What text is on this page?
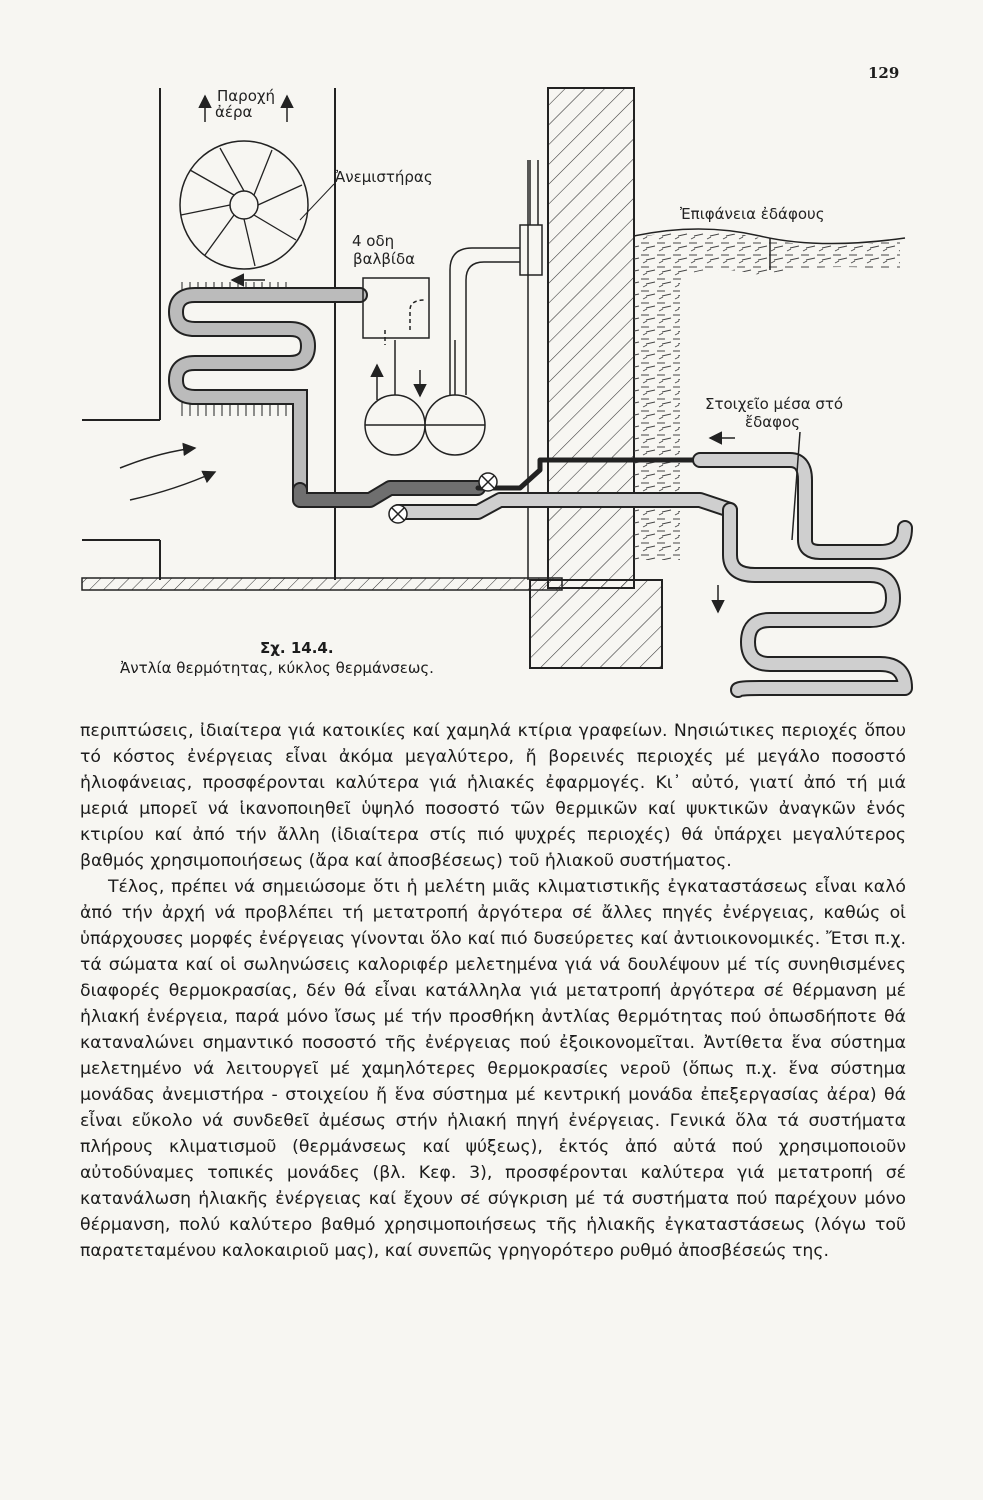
129
Παροχή
ἀέρα
Ἀνεμιστήρας
4 οδη
βαλβίδα
Ἐπιφάνεια ἐδάφους
Στοιχεῖο μέσα στό
ἔδαφος
Σχ. 14.4.
Ἀντλία θερμότητας, κύκλος θερμάνσεως.

περιπτώσεις, ἰδιαίτερα γιά κατοικίες καί χαμηλά κτίρια γραφείων. Νησιώτικες περιοχές ὅπου τό κόστος ἐνέργειας εἶναι ἀκόμα μεγαλύτερο, ἤ βορεινές περιοχές μέ μεγάλο ποσοστό ἡλιοφάνειας, προσφέρονται καλύτερα γιά ἡλιακές ἐφαρμογές. Κι᾽ αὐτό, γιατί ἀπό τή μιά μεριά μπορεῖ νά ἱκανοποιηθεῖ ὑψηλό ποσοστό τῶν θερμικῶν καί ψυκτικῶν ἀναγκῶν ἑνός κτιρίου καί ἀπό τήν ἄλλη (ἰδιαίτερα στίς πιό ψυχρές περιοχές) θά ὑπάρχει μεγαλύτερος βαθμός χρησιμοποιήσεως (ἄρα καί ἀποσβέσεως) τοῦ ἡλιακοῦ συστήματος.

Τέλος, πρέπει νά σημειώσομε ὅτι ἡ μελέτη μιᾶς κλιματιστικῆς ἐγκαταστάσεως εἶναι καλό ἀπό τήν ἀρχή νά προβλέπει τή μετατροπή ἀργότερα σέ ἄλλες πηγές ἐνέργειας, καθώς οἱ ὑπάρχουσες μορφές ἐνέργειας γίνονται ὅλο καί πιό δυσεύρετες καί ἀντιοικονομικές. Ἔτσι π.χ. τά σώματα καί οἱ σωληνώσεις καλοριφέρ μελετημένα γιά νά δουλέψουν μέ τίς συνηθισμένες διαφορές θερμοκρασίας, δέν θά εἶναι κατάλληλα γιά μετατροπή ἀργότερα σέ θέρμανση μέ ἡλιακή ἐνέργεια, παρά μόνο ἴσως μέ τήν προσθήκη ἀντλίας θερμότητας πού ὁπωσδήποτε θά καταναλώνει σημαντικό ποσοστό τῆς ἐνέργειας πού ἐξοικονομεῖται. Ἀντίθετα ἕνα σύστημα μελετημένο νά λειτουργεῖ μέ χαμηλότερες θερμοκρασίες νεροῦ (ὅπως π.χ. ἕνα σύστημα μονάδας ἀνεμιστήρα - στοιχείου ἤ ἕνα σύστημα μέ κεντρική μονάδα ἐπεξεργασίας ἀέρα) θά εἶναι εὔκολο νά συνδεθεῖ ἀμέσως στήν ἡλιακή πηγή ἐνέργειας. Γενικά ὅλα τά συστήματα πλήρους κλιματισμοῦ (θερμάνσεως καί ψύξεως), ἐκτός ἀπό αὐτά πού χρησιμοποιοῦν αὐτοδύναμες τοπικές μονάδες (βλ. Κεφ. 3), προσφέρονται καλύτερα γιά μετατροπή σέ κατανάλωση ἡλιακῆς ἐνέργειας καί ἔχουν σέ σύγκριση μέ τά συστήματα πού παρέχουν μόνο θέρμανση, πολύ καλύτερο βαθμό χρησιμοποιήσεως τῆς ἡλιακῆς ἐγκαταστάσεως (λόγω τοῦ παρατεταμένου καλοκαιριοῦ μας), καί συνεπῶς γρηγορότερο ρυθμό ἀποσβέσεώς της.
